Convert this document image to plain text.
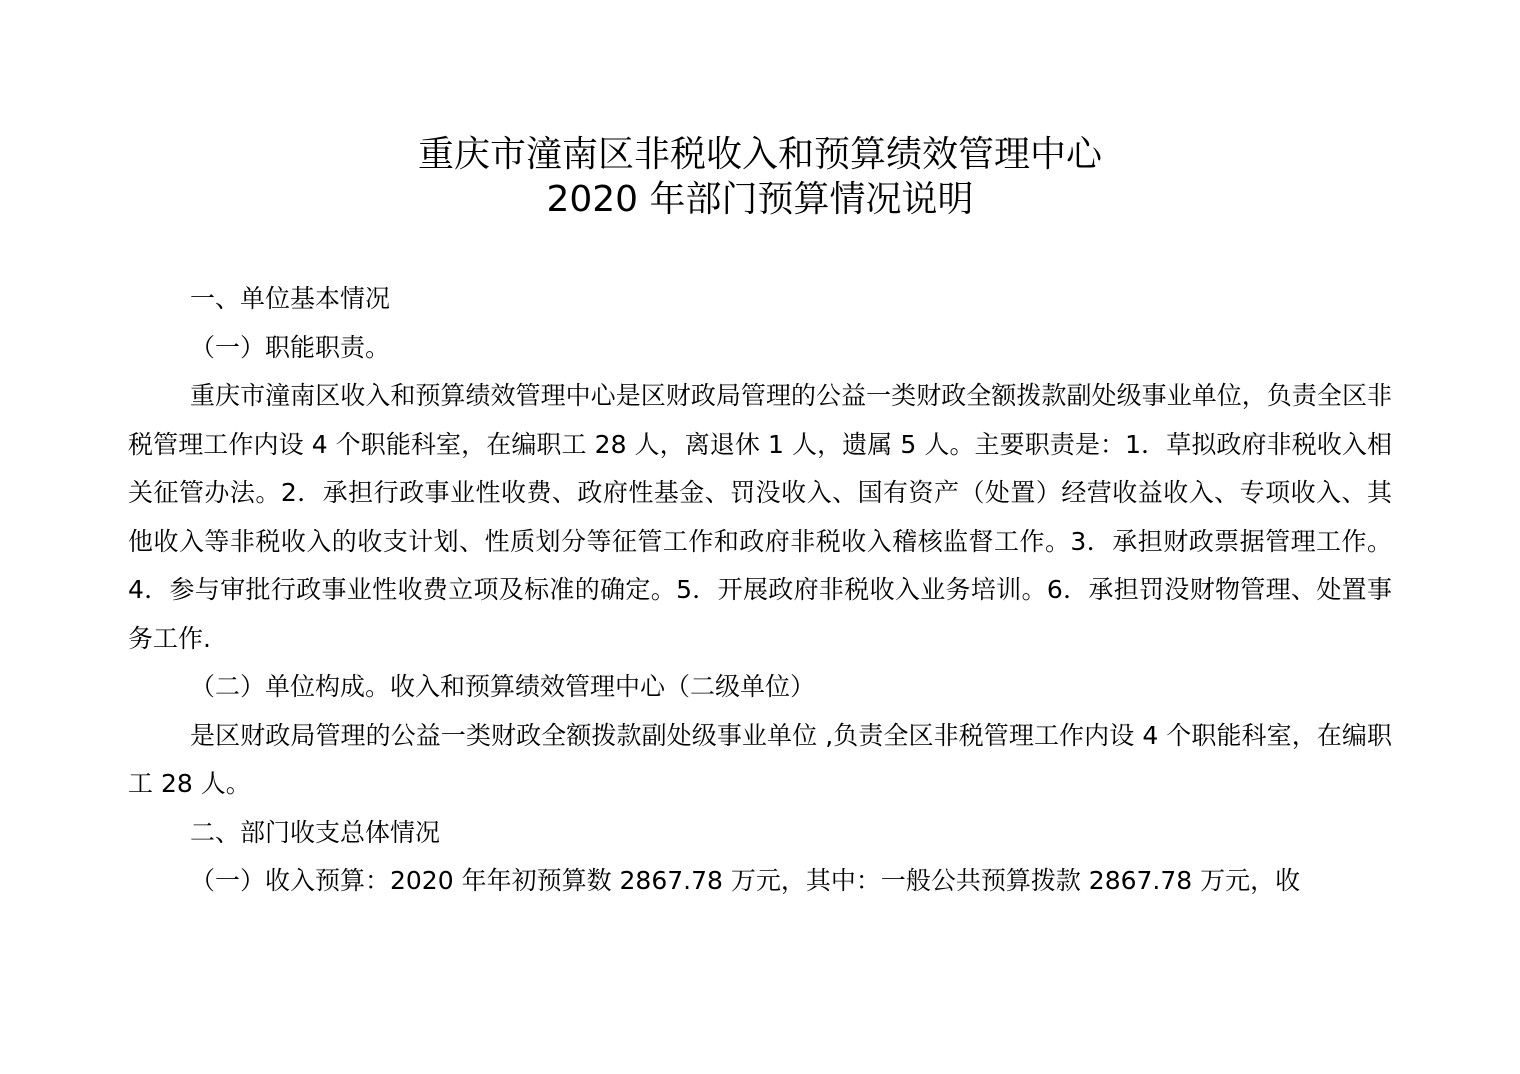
重庆市潼南区非税收入和预算绩效管理中心
2020 年部门预算情况说明

一、单位基本情况

（一）职能职责。

重庆市潼南区收入和预算绩效管理中心是区财政局管理的公益一类财政全额拨款副处级事业单位，负责全区非税管理工作内设 4 个职能科室，在编职工 28 人，离退休 1 人，遗属 5 人。主要职责是：1．草拟政府非税收入相关征管办法。2．承担行政事业性收费、政府性基金、罚没收入、国有资产（处置）经营收益收入、专项收入、其他收入等非税收入的收支计划、性质划分等征管工作和政府非税收入稽核监督工作。3．承担财政票据管理工作。4．参与审批行政事业性收费立项及标准的确定。5．开展政府非税收入业务培训。6．承担罚没财物管理、处置事务工作.

（二）单位构成。收入和预算绩效管理中心（二级单位）

是区财政局管理的公益一类财政全额拨款副处级事业单位 ,负责全区非税管理工作内设 4 个职能科室，在编职工 28 人。

二、部门收支总体情况

（一）收入预算：2020 年年初预算数 2867.78 万元，其中：一般公共预算拨款 2867.78 万元，收
